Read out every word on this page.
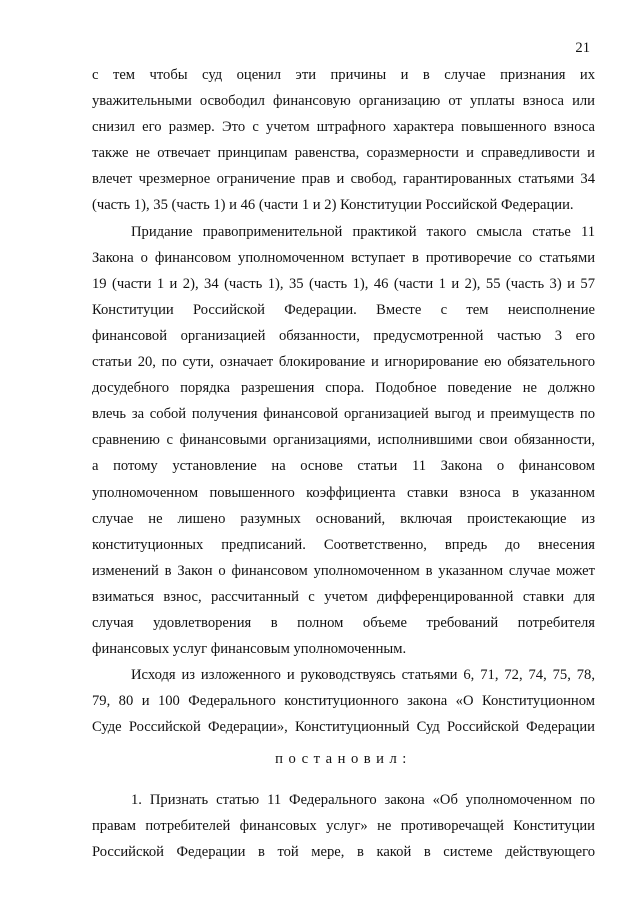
21
с тем чтобы суд оценил эти причины и в случае признания их
уважительными освободил финансовую организацию от уплаты взноса или
снизил его размер. Это с учетом штрафного характера повышенного взноса
также не отвечает принципам равенства, соразмерности и справедливости и
влечет чрезмерное ограничение прав и свобод, гарантированных статьями 34
(часть 1), 35 (часть 1) и 46 (части 1 и 2) Конституции Российской Федерации.
Придание правоприменительной практикой такого смысла статье 11
Закона о финансовом уполномоченном вступает в противоречие со статьями
19 (части 1 и 2), 34 (часть 1), 35 (часть 1), 46 (части 1 и 2), 55 (часть 3) и 57
Конституции Российской Федерации. Вместе с тем неисполнение
финансовой организацией обязанности, предусмотренной частью 3 его
статьи 20, по сути, означает блокирование и игнорирование ею обязательного
досудебного порядка разрешения спора. Подобное поведение не должно
влечь за собой получения финансовой организацией выгод и преимуществ по
сравнению с финансовыми организациями, исполнившими свои обязанности,
а потому установление на основе статьи 11 Закона о финансовом
уполномоченном повышенного коэффициента ставки взноса в указанном
случае не лишено разумных оснований, включая проистекающие из
конституционных предписаний. Соответственно, впредь до внесения
изменений в Закон о финансовом уполномоченном в указанном случае может
взиматься взнос, рассчитанный с учетом дифференцированной ставки для
случая удовлетворения в полном объеме требований потребителя
финансовых услуг финансовым уполномоченным.
Исходя из изложенного и руководствуясь статьями 6, 71, 72, 74, 75, 78,
79, 80 и 100 Федерального конституционного закона «О Конституционном
Суде Российской Федерации», Конституционный Суд Российской Федерации
постановил:
1. Признать статью 11 Федерального закона «Об уполномоченном по
правам потребителей финансовых услуг» не противоречащей Конституции
Российской Федерации в той мере, в какой в системе действующего
